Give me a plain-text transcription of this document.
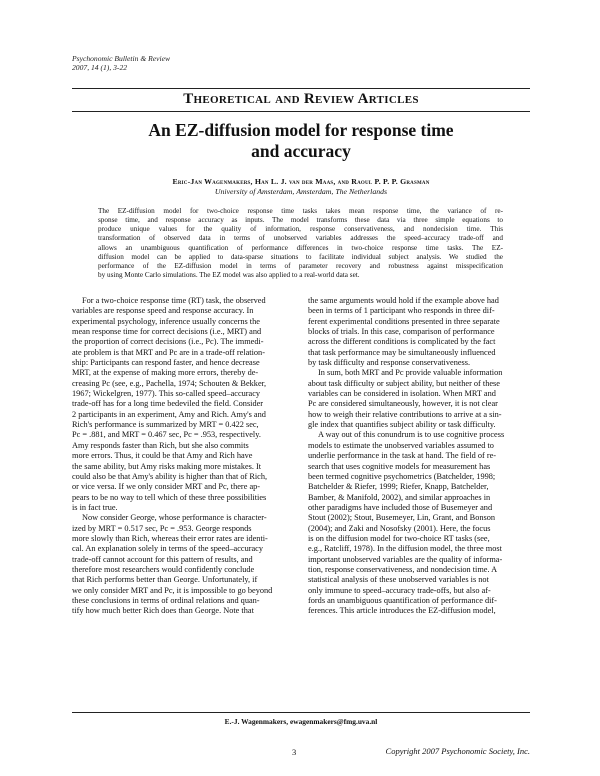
Psychonomic Bulletin & Review
2007, 14 (1), 3-22
Theoretical and Review Articles
An EZ-diffusion model for response time
and accuracy
Eric-Jan Wagenmakers, Han L. J. van der Maas, and Raoul P. P. P. Grasman
University of Amsterdam, Amsterdam, The Netherlands
The EZ-diffusion model for two-choice response time tasks takes mean response time, the variance of re-
sponse time, and response accuracy as inputs. The model transforms these data via three simple equations to
produce unique values for the quality of information, response conservativeness, and nondecision time. This
transformation of observed data in terms of unobserved variables addresses the speed–accuracy trade-off and
allows an unambiguous quantification of performance differences in two-choice response time tasks. The EZ-
diffusion model can be applied to data-sparse situations to facilitate individual subject analysis. We studied the
performance of the EZ-diffusion model in terms of parameter recovery and robustness against misspecification
by using Monte Carlo simulations. The EZ model was also applied to a real-world data set.
For a two-choice response time (RT) task, the observed
variables are response speed and response accuracy. In
experimental psychology, inference usually concerns the
mean response time for correct decisions (i.e., MRT) and
the proportion of correct decisions (i.e., Pc). The immedi-
ate problem is that MRT and Pc are in a trade-off relation-
ship: Participants can respond faster, and hence decrease
MRT, at the expense of making more errors, thereby de-
creasing Pc (see, e.g., Pachella, 1974; Schouten & Bekker,
1967; Wickelgren, 1977). This so-called speed–accuracy
trade-off has for a long time bedeviled the field. Consider
2 participants in an experiment, Amy and Rich. Amy's and
Rich's performance is summarized by MRT = 0.422 sec,
Pc = .881, and MRT = 0.467 sec, Pc = .953, respectively.
Amy responds faster than Rich, but she also commits
more errors. Thus, it could be that Amy and Rich have
the same ability, but Amy risks making more mistakes. It
could also be that Amy's ability is higher than that of Rich,
or vice versa. If we only consider MRT and Pc, there ap-
pears to be no way to tell which of these three possibilities
is in fact true.
Now consider George, whose performance is character-
ized by MRT = 0.517 sec, Pc = .953. George responds
more slowly than Rich, whereas their error rates are identi-
cal. An explanation solely in terms of the speed–accuracy
trade-off cannot account for this pattern of results, and
therefore most researchers would confidently conclude
that Rich performs better than George. Unfortunately, if
we only consider MRT and Pc, it is impossible to go beyond
these conclusions in terms of ordinal relations and quan-
tify how much better Rich does than George. Note that
the same arguments would hold if the example above had
been in terms of 1 participant who responds in three dif-
ferent experimental conditions presented in three separate
blocks of trials. In this case, comparison of performance
across the different conditions is complicated by the fact
that task performance may be simultaneously influenced
by task difficulty and response conservativeness.
In sum, both MRT and Pc provide valuable information
about task difficulty or subject ability, but neither of these
variables can be considered in isolation. When MRT and
Pc are considered simultaneously, however, it is not clear
how to weigh their relative contributions to arrive at a sin-
gle index that quantifies subject ability or task difficulty.
A way out of this conundrum is to use cognitive process
models to estimate the unobserved variables assumed to
underlie performance in the task at hand. The field of re-
search that uses cognitive models for measurement has
been termed cognitive psychometrics (Batchelder, 1998;
Batchelder & Riefer, 1999; Riefer, Knapp, Batchelder,
Bamber, & Manifold, 2002), and similar approaches in
other paradigms have included those of Busemeyer and
Stout (2002); Stout, Busemeyer, Lin, Grant, and Bonson
(2004); and Zaki and Nosofsky (2001). Here, the focus
is on the diffusion model for two-choice RT tasks (see,
e.g., Ratcliff, 1978). In the diffusion model, the three most
important unobserved variables are the quality of informa-
tion, response conservativeness, and nondecision time. A
statistical analysis of these unobserved variables is not
only immune to speed–accuracy trade-offs, but also af-
fords an unambiguous quantification of performance dif-
ferences. This article introduces the EZ-diffusion model,
E.-J. Wagenmakers, ewagenmakers@fmg.uva.nl
3	Copyright 2007 Psychonomic Society, Inc.
